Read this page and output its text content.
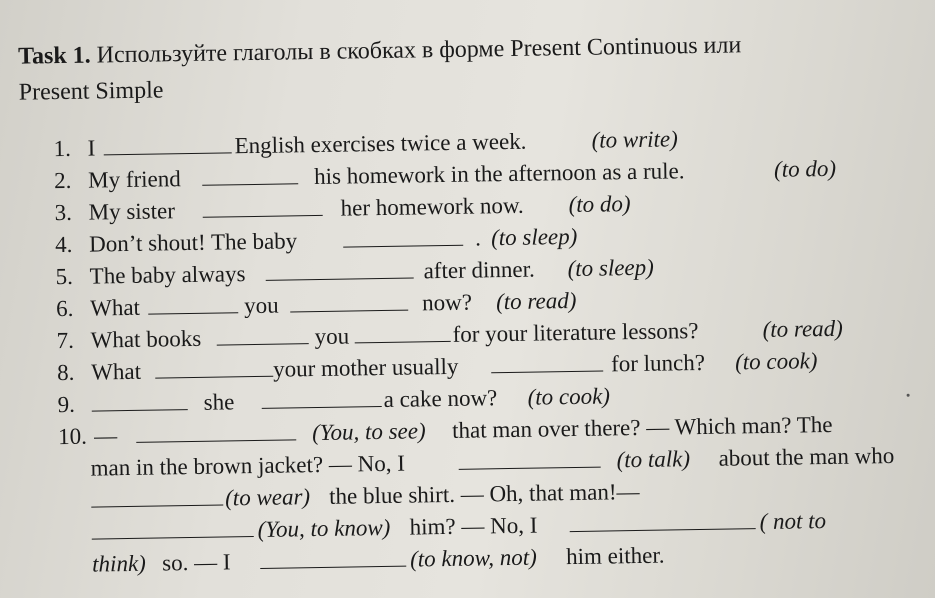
Task 1. Используйте глаголы в скобках в форме Present Continuous или
Present Simple
1. I	English exercises twice a week.	(to write)
2. My friend	his homework in the afternoon as a rule.	(to do)
3. My sister	her homework now. (to do)
4. Don’t shout! The baby	. (to sleep)
5. The baby always	after dinner. (to sleep)
6. What	you	now? (to read)
7. What books	you	for your literature lessons?	(to read)
8. What	your mother usually	for lunch? (to cook)
9.	she	a cake now? (to cook)
10. —	(You, to see) that man over there? — Which man? The
man in the brown jacket? — No, I	(to talk) about the man who
(to wear) the blue shirt. — Oh, that man!—
(You, to know) him? — No, I	( not to
think) so. — I	(to know, not) him either.
